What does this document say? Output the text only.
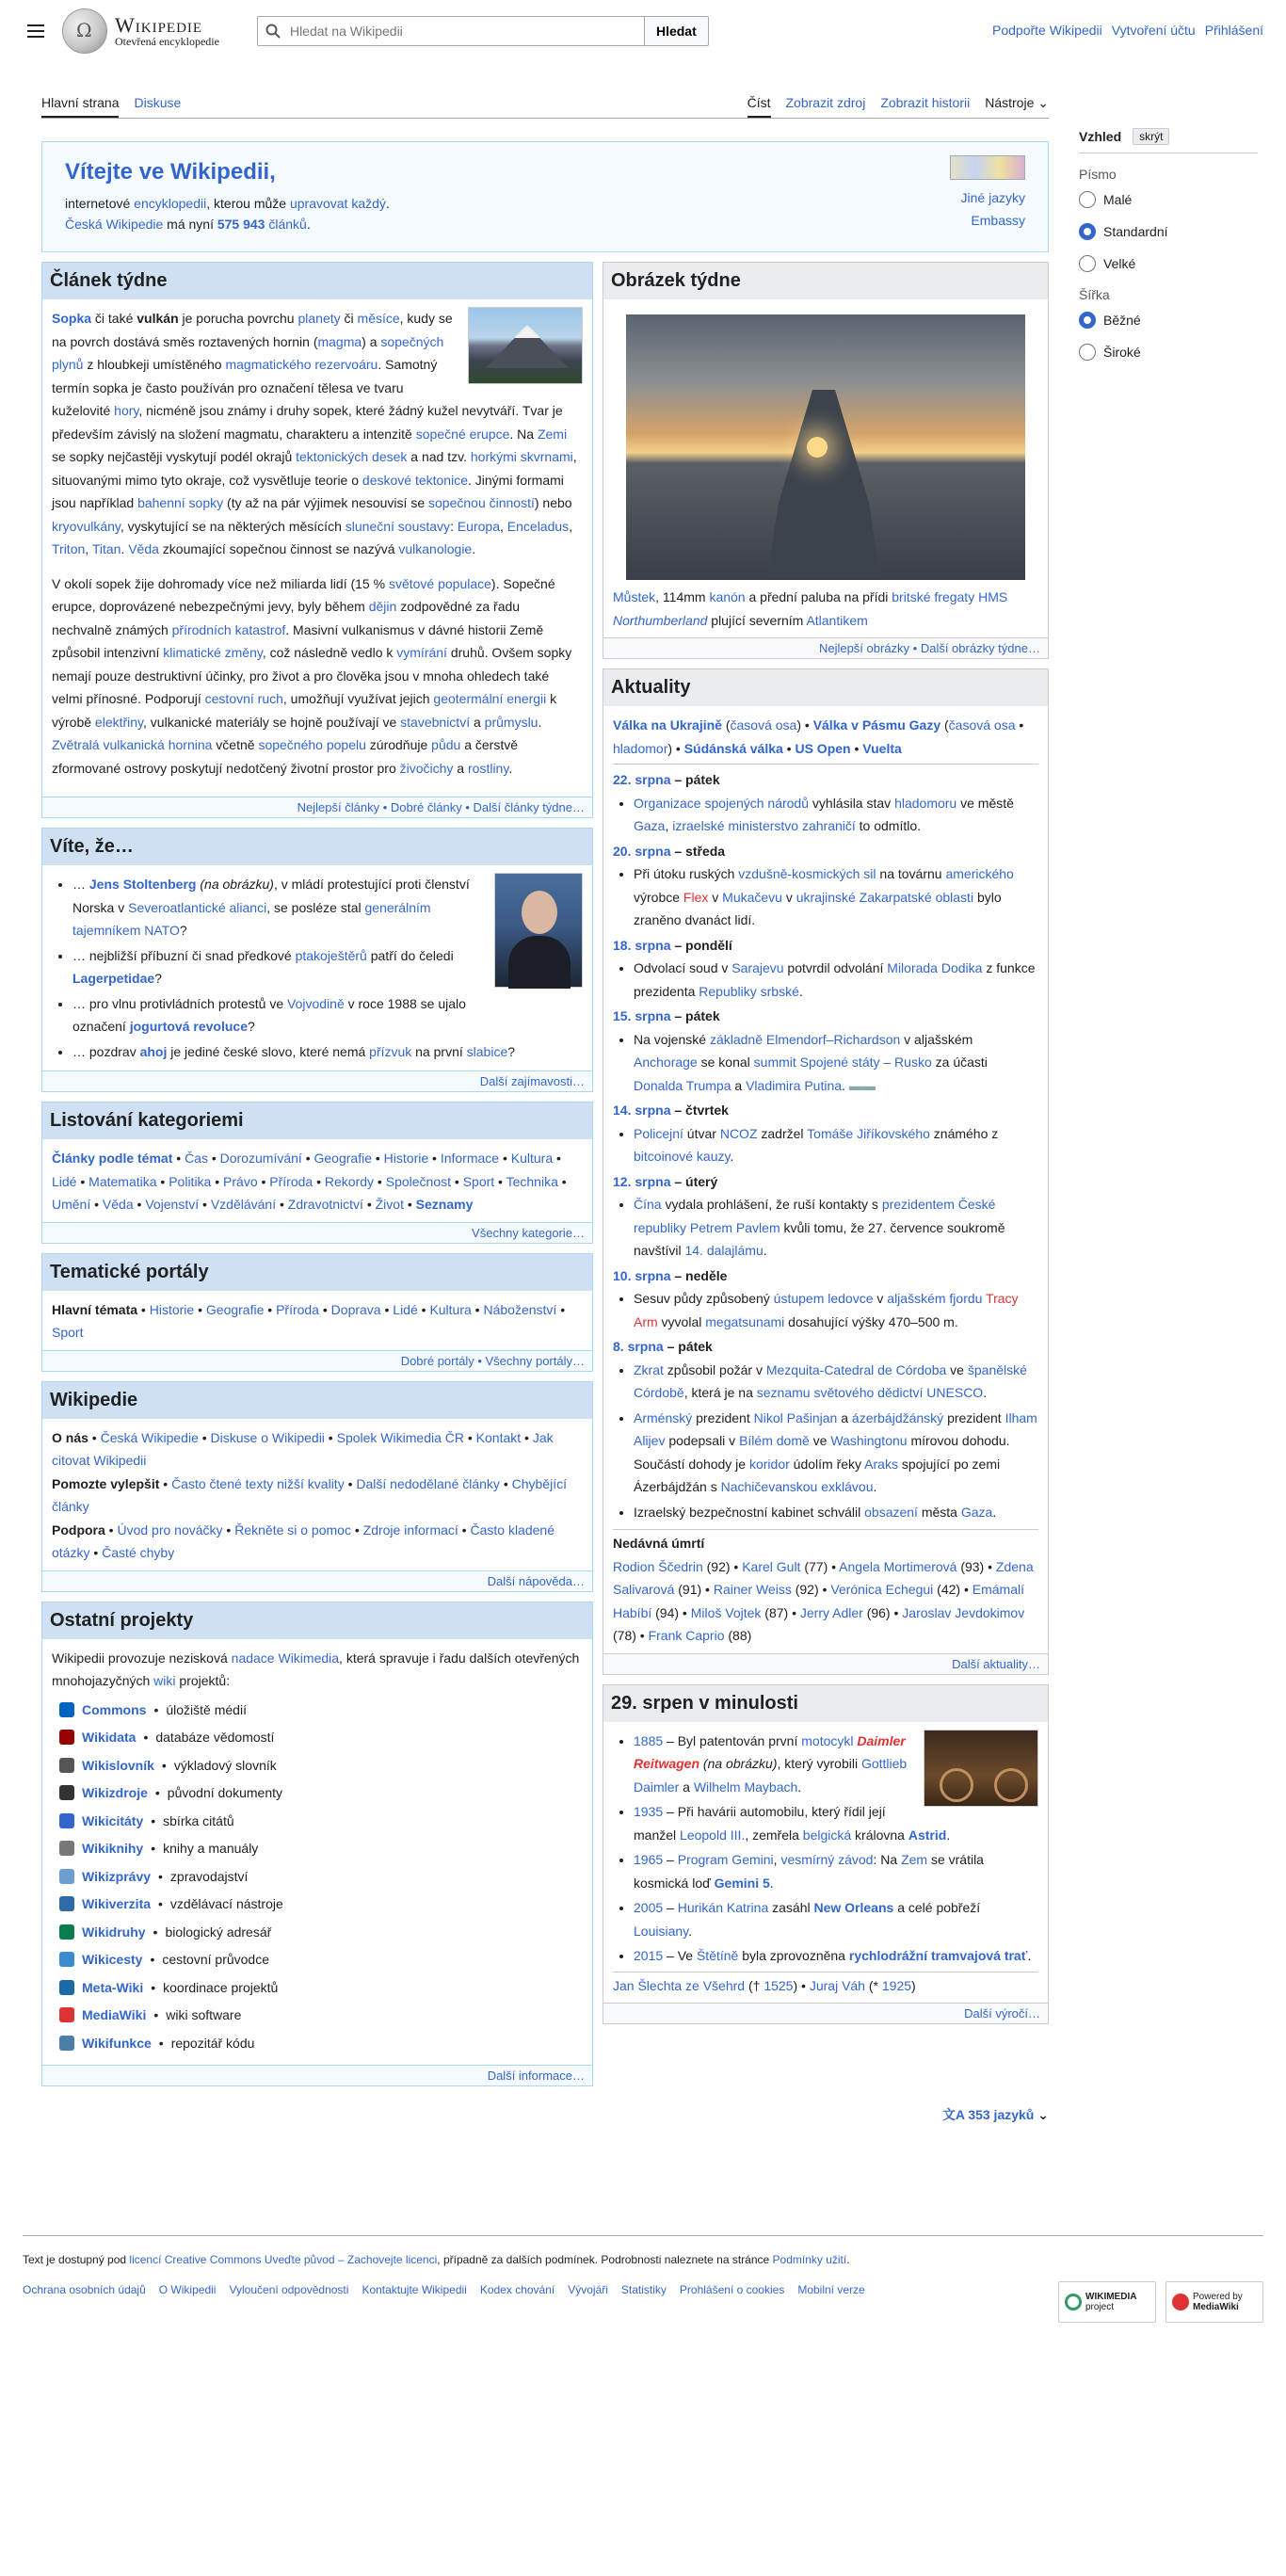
Ω
Wikipedie
Otevřená encyklopedie
Hledat na Wikipedii
Hledat	Podpořte Wikipedii Vytvoření účtu Přihlášení
Hlavní strana Diskuse	Číst Zobrazit zdroj Zobrazit historii Nástroje ⌄
Vzhled	skrýt
Písmo
Malé
Standardní
Velké
Šířka
Běžné
Široké
Vítejte ve Wikipedii,

internetové encyklopedii, kterou může upravovat každý.

Česká Wikipedie má nyní 575 943 článků.

Jiné jazyky
Embassy
Článek týdne

Sopka či také vulkán je porucha povrchu planety či měsíce, kudy se na povrch dostává směs roztavených hornin (magma) a sopečných plynů z hloubkeji umístěného magmatického rezervoáru. Samotný termín sopka je často používán pro označení tělesa ve tvaru kuželovité hory, nicméně jsou známy i druhy sopek, které žádný kužel nevytváří. Tvar je především závislý na složení magmatu, charakteru a intenzitě sopečné erupce. Na Zemi se sopky nejčastěji vyskytují podél okrajů tektonických desek a nad tzv. horkými skvrnami, situovanými mimo tyto okraje, což vysvětluje teorie o deskové tektonice. Jinými formami jsou například bahenní sopky (ty až na pár výjimek nesouvisí se sopečnou činností) nebo kryovulkány, vyskytující se na některých měsících sluneční soustavy: Europa, Enceladus, Triton, Titan. Věda zkoumající sopečnou činnost se nazývá vulkanologie.

V okolí sopek žije dohromady více než miliarda lidí (15 % světové populace). Sopečné erupce, doprovázené nebezpečnými jevy, byly během dějin zodpovědné za řadu nechvalně známých přírodních katastrof. Masivní vulkanismus v dávné historii Země způsobil intenzivní klimatické změny, což následně vedlo k vymírání druhů. Ovšem sopky nemají pouze destruktivní účinky, pro život a pro člověka jsou v mnoha ohledech také velmi přínosné. Podporují cestovní ruch, umožňují využívat jejich geotermální energii k výrobě elektřiny, vulkanické materiály se hojně používají ve stavebnictví a průmyslu. Zvětralá vulkanická hornina včetně sopečného popelu zúrodňuje půdu a čerstvě zformované ostrovy poskytují nedotčený životní prostor pro živočichy a rostliny.

Nejlepší články • Dobré články • Další články týdne…
Víte, že…
• … Jens Stoltenberg (na obrázku), v mládí protestující proti členství Norska v Severoatlantické alianci, se posléze stal generálním tajemníkem NATO?
• … nejbližší příbuzní či snad předkové ptakoještěrů patří do čeledi Lagerpetidae?
• … pro vlnu protivládních protestů ve Vojvodině v roce 1988 se ujalo označení jogurtová revoluce?
• … pozdrav ahoj je jediné české slovo, které nemá přízvuk na první slabice?
Další zajímavosti…
Listování kategoriemi
Články podle témat • Čas • Dorozumívání • Geografie • Historie • Informace • Kultura • Lidé • Matematika • Politika • Právo • Příroda • Rekordy • Společnost • Sport • Technika • Umění • Věda • Vojenství • Vzdělávání • Zdravotnictví • Život • Seznamy
Všechny kategorie…
Tematické portály
Hlavní témata • Historie • Geografie • Příroda • Doprava • Lidé • Kultura • Náboženství • Sport
Dobré portály • Všechny portály…
Wikipedie
O nás • Česká Wikipedie • Diskuse o Wikipedii • Spolek Wikimedia ČR • Kontakt • Jak citovat Wikipedii
Pomozte vylepšit • Často čtené texty nižší kvality • Další nedodělané články • Chybějící články
Podpora • Úvod pro nováčky • Řekněte si o pomoc • Zdroje informací • Často kladené otázky • Časté chyby
Další nápověda…
Ostatní projekty

Wikipedii provozuje nezisková nadace Wikimedia, která spravuje i řadu dalších otevřených mnohojazyčných wiki projektů:

Commons • úložiště médií
Wikidata • databáze vědomostí
Wikislovník • výkladový slovník
Wikizdroje • původní dokumenty
Wikicitáty • sbírka citátů
Wikiknihy • knihy a manuály
Wikizprávy • zpravodajství
Wikiverzita • vzdělávací nástroje
Wikidruhy • biologický adresář
Wikicesty • cestovní průvodce
Meta-Wiki • koordinace projektů
MediaWiki • wiki software
Wikifunkce • repozitář kódu
Další informace…
Obrázek týdne
Můstek, 114mm kanón a přední paluba na přídi britské fregaty HMS Northumberland plující severním Atlantikem
Nejlepší obrázky • Další obrázky týdne…
Aktuality
Válka na Ukrajině (časová osa) • Válka v Pásmu Gazy (časová osa • hladomor) • Súdánská válka • US Open • Vuelta
22. srpna – pátek
• Organizace spojených národů vyhlásila stav hladomoru ve městě Gaza, izraelské ministerstvo zahraničí to odmítlo.
20. srpna – středa
• Při útoku ruských vzdušně-kosmických sil na továrnu amerického výrobce Flex v Mukačevu v ukrajinské Zakarpatské oblasti bylo zraněno dvanáct lidí.
18. srpna – pondělí
• Odvolací soud v Sarajevu potvrdil odvolání Milorada Dodika z funkce prezidenta Republiky srbské.
15. srpna – pátek
• Na vojenské základně Elmendorf–Richardson v aljašském Anchorage se konal summit Spojené státy – Rusko za účasti Donalda Trumpa a Vladimira Putina. ▬▬
14. srpna – čtvrtek
• Policejní útvar NCOZ zadržel Tomáše Jiříkovského známého z bitcoinové kauzy.
12. srpna – úterý
• Čína vydala prohlášení, že ruší kontakty s prezidentem České republiky Petrem Pavlem kvůli tomu, že 27. července soukromě navštívil 14. dalajlámu.
10. srpna – neděle
• Sesuv půdy způsobený ústupem ledovce v aljašském fjordu Tracy Arm vyvolal megatsunami dosahující výšky 470–500 m.
8. srpna – pátek
• Zkrat způsobil požár v Mezquita-Catedral de Córdoba ve španělské Córdobě, která je na seznamu světového dědictví UNESCO.
• Arménský prezident Nikol Pašinjan a ázerbájdžánský prezident Ilham Alijev podepsali v Bílém domě ve Washingtonu mírovou dohodu. Součástí dohody je koridor údolím řeky Araks spojující po zemi Ázerbájdžán s Nachičevanskou exklávou.
• Izraelský bezpečnostní kabinet schválil obsazení města Gaza.
Nedávná úmrtí
Rodion Ščedrin (92) • Karel Gult (77) • Angela Mortimerová (93) • Zdena Salivarová (91) • Rainer Weiss (92) • Verónica Echegui (42) • Emámalí Habíbí (94) • Miloš Vojtek (87) • Jerry Adler (96) • Jaroslav Jevdokimov (78) • Frank Caprio (88)
Další aktuality…
29. srpen v minulosti
• 1885 – Byl patentován první motocykl Daimler Reitwagen (na obrázku), který vyrobili Gottlieb Daimler a Wilhelm Maybach.
• 1935 – Při havárii automobilu, který řídil její manžel Leopold III., zemřela belgická královna Astrid.
• 1965 – Program Gemini, vesmírný závod: Na Zem se vrátila kosmická loď Gemini 5.
• 2005 – Hurikán Katrina zasáhl New Orleans a celé pobřeží Louisiany.
• 2015 – Ve Štětíně byla zprovozněna rychlodrážní tramvajová trať.
Jan Šlechta ze Všehrd († 1525) • Juraj Váh (* 1925)
Další výročí…
文A 353 jazyků ⌄
Text je dostupný pod licencí Creative Commons Uveďte původ – Zachovejte licenci, případně za dalších podmínek. Podrobnosti naleznete na stránce Podmínky užití.
Ochrana osobních údajů O Wikipedii Vyloučení odpovědnosti Kontaktujte Wikipedii Kodex chování Vývojáři Statistiky Prohlášení o cookies Mobilní verze
WIKIMEDIA
project
Powered by
MediaWiki
